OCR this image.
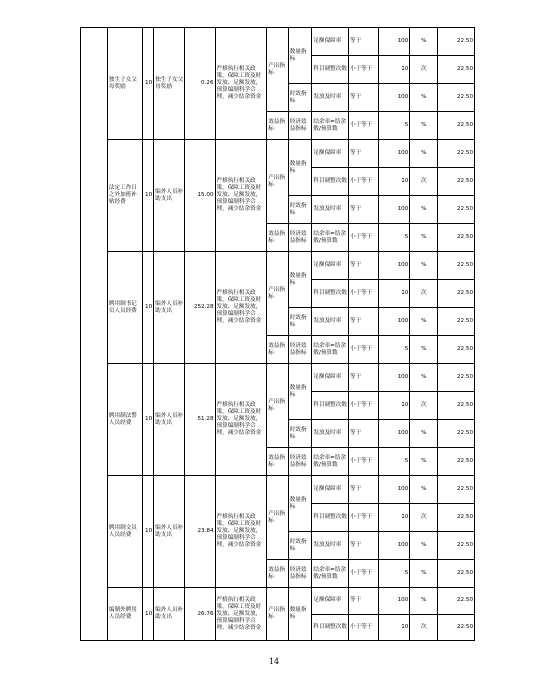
	独生子女父母奖励	10	独生子女父母奖励	0.26	严格执行相关政策，保障工资及时发放、足额发放，预算编制科学合理，减少结余资金	产出指标	数量指标	足额保障率	等于	100	%	22.50
								科目调整次数	小于等于	10	次	22.50
							时效指标	发放及时率	等于	100	%	22.50
						效益指标	经济效益指标	结余率=结余数/预算数	小于等于	5	%	22.50
	法定工作日之外加班补贴经费	10	编外人员补助支出	15.00	严格执行相关政策，保障工资及时发放、足额发放，预算编制科学合理，减少结余资金	产出指标	数量指标	足额保障率	等于	100	%	22.50
								科目调整次数	小于等于	10	次	22.50
							时效指标	发放及时率	等于	100	%	22.50
						效益指标	经济效益指标	结余率=结余数/预算数	小于等于	5	%	22.50
	聘用制书记员人员经费	10	编外人员补助支出	252.28	严格执行相关政策，保障工资及时发放、足额发放，预算编制科学合理，减少结余资金	产出指标	数量指标	足额保障率	等于	100	%	22.50
								科目调整次数	小于等于	10	次	22.50
							时效指标	发放及时率	等于	100	%	22.50
						效益指标	经济效益指标	结余率=结余数/预算数	小于等于	5	%	22.50
	聘用制法警人员经费	10	编外人员补助支出	51.28	严格执行相关政策，保障工资及时发放、足额发放，预算编制科学合理，减少结余资金	产出指标	数量指标	足额保障率	等于	100	%	22.50
								科目调整次数	小于等于	10	次	22.50
							时效指标	发放及时率	等于	100	%	22.50
						效益指标	经济效益指标	结余率=结余数/预算数	小于等于	5	%	22.50
	聘用制文员人员经费	10	编外人员补助支出	23.84	严格执行相关政策，保障工资及时发放、足额发放，预算编制科学合理，减少结余资金	产出指标	数量指标	足额保障率	等于	100	%	22.50
								科目调整次数	小于等于	10	次	22.50
							时效指标	发放及时率	等于	100	%	22.50
						效益指标	经济效益指标	结余率=结余数/预算数	小于等于	5	%	22.50
	编制外聘用人员经费	10	编外人员补助支出	26.76	严格执行相关政策，保障工资及时发放、足额发放，预算编制科学合理，减少结余资金	产出指标	数量指标	足额保障率	等于	100	%	22.50
								科目调整次数	小于等于	10	次	22.50
14
